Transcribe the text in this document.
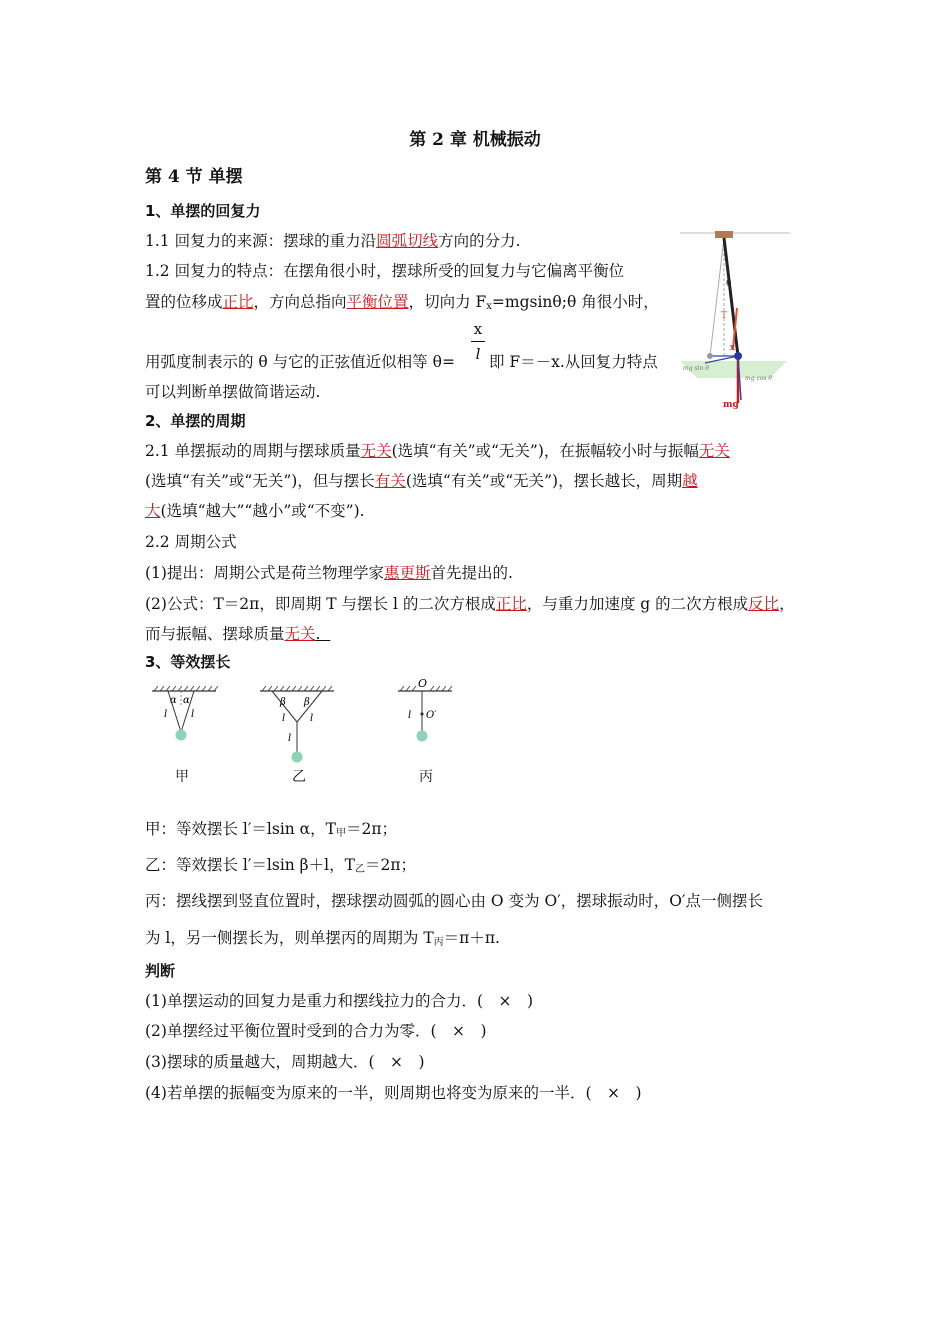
第 2 章 机械振动
第 4 节 单摆
1、单摆的回复力
1.1 回复力的来源：摆球的重力沿圆弧切线方向的分力.
1.2 回复力的特点：在摆角很小时，摆球所受的回复力与它偏离平衡位
置的位移成正比，方向总指向平衡位置，切向力 $F_x=mgsin\theta;\theta$ 角很小时，
x
l
用弧度制表示的 θ 与它的正弦值近似相等 θ= 即 F＝－x.从回复力特点
可以判断单摆做简谐运动.
θ
T
x
mg sin θ
mg cos θ
mg
2、单摆的周期
2.1 单摆振动的周期与摆球质量无关(选填“有关”或“无关”)，在振幅较小时与振幅无关
(选填“有关”或“无关”)，但与摆长有关(选填“有关”或“无关”)，摆长越长，周期越
大(选填“越大”“越小”或“不变”).
2.2 周期公式
(1)提出：周期公式是荷兰物理学家惠更斯首先提出的.
(2)公式：T＝2π，即周期 T 与摆长 l 的二次方根成正比，与重力加速度 g 的二次方根成反比，
而与振幅、摆球质量无关.
3、等效摆长
α α
l l
甲
β β
l l
l
乙
O
l O′
丙
甲：等效摆长 l′＝lsin α，$T_甲=2\pi$；
乙：等效摆长 l′＝lsin β＋l，$T_乙=2\pi$；
丙：摆线摆到竖直位置时，摆球摆动圆弧的圆心由 O 变为 O′，摆球振动时，O′点一侧摆长
为 l，另一侧摆长为，则单摆丙的周期为 $T_丙=\pi+\pi$.
判断
(1)单摆运动的回复力是重力和摆线拉力的合力．(　×　)
(2)单摆经过平衡位置时受到的合力为零．(　×　)
(3)摆球的质量越大，周期越大．(　×　)
(4)若单摆的振幅变为原来的一半，则周期也将变为原来的一半．(　×　)
